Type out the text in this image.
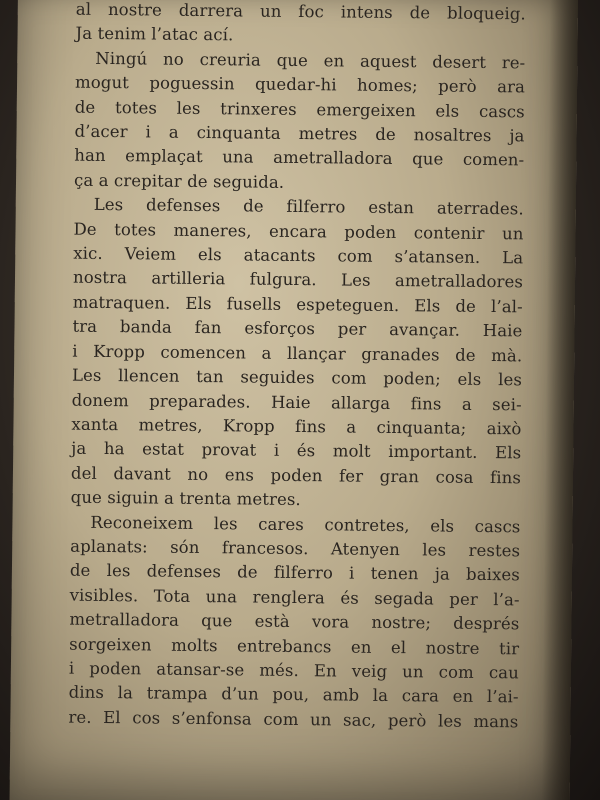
al nostre darrera un foc intens de bloqueig.
Ja tenim l’atac ací.

Ningú no creuria que en aquest desert re-
mogut poguessin quedar-hi homes; però ara
de totes les trinxeres emergeixen els cascs
d’acer i a cinquanta metres de nosaltres ja
han emplaçat una ametralladora que comen-
ça a crepitar de seguida.

Les defenses de filferro estan aterrades.
De totes maneres, encara poden contenir un
xic. Veiem els atacants com s’atansen. La
nostra artilleria fulgura. Les ametralladores
matraquen. Els fusells espeteguen. Els de l’al-
tra banda fan esforços per avançar. Haie
i Kropp comencen a llançar granades de mà.
Les llencen tan seguides com poden; els les
donem preparades. Haie allarga fins a sei-
xanta metres, Kropp fins a cinquanta; això
ja ha estat provat i és molt important. Els
del davant no ens poden fer gran cosa fins
que siguin a trenta metres.

Reconeixem les cares contretes, els cascs
aplanats: són francesos. Atenyen les restes
de les defenses de filferro i tenen ja baixes
visibles. Tota una renglera és segada per l’a-
metralladora que està vora nostre; després
sorgeixen molts entrebancs en el nostre tir
i poden atansar-se més. En veig un com cau
dins la trampa d’un pou, amb la cara en l’ai-
re. El cos s’enfonsa com un sac, però les mans
